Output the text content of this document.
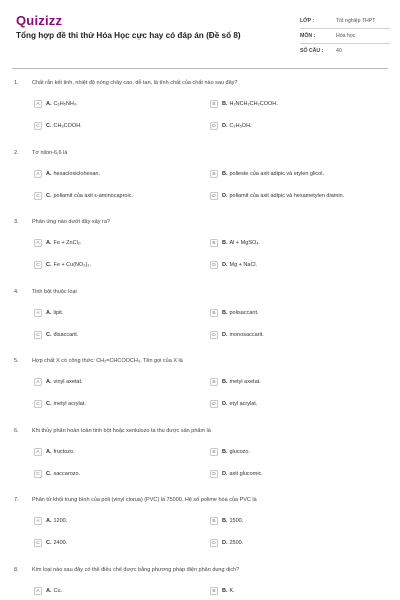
Quizizz
Tổng hợp đề thi thử Hóa Học cực hay có đáp án (Đề số 8)
LỚP :	Tốt nghiệp THPT
MÔN :	Hóa học
SỐ CÂU :	40
1.	Chất rắn kết tinh, nhiệt độ nóng chảy cao, dễ tan, là tính chất của chất nào sau đây?
A	A. C₆H₅NH₂.	B	B. H₂NCH₂CH₂COOH.
C	C. CH₃COOH.	D	D. C₂H₅OH.
2.	Tơ nilon-6,6 là
A	A. hexacloxiclohexan.	B	B. polieste của axit adipic và etylen glicol.
C	C. poliamit của axit ε-aminocaproic.	D	D. poliamit của axit adipic và hexametylen diamin.
3.	Phản ứng nào dưới đây xảy ra?
A	A. Fe + ZnCl₂.	B	B. Al + MgSO₄.
C	C. Fe + Cu(NO₃)₂.	D	D. Mg + NaCl.
4.	Tinh bột thuộc loại
A	A. lipit.	B	B. polisaccarit.
C	C. đisaccarit.	D	D. monosaccarit.
5.	Hợp chất X có công thức: CH₂=CHCOOCH₃. Tên gọi của X là
A	A. vinyl axetat.	B	B. metyl axetat.
C	C. metyl acrylat.	D	D. etyl acrylat.
6.	Khi thủy phân hoàn toàn tinh bột hoặc xenlulozo ta thu được sản phẩm là
A	A. fructozo.	B	B. glucozo.
C	C. saccarozo.	D	D. axit glucomic.
7.	Phân tử khối trung bình của poli (vinyl clorua) (PVC) là 75000. Hệ số polime hóa của PVC là
A	A. 1200.	B	B. 1500.
C	C. 2400.	D	D. 2500.
8.	Kim loại nào sau đây có thể điều chế được bằng phương pháp điện phân dung dịch?
A	A. Cu.	B	B. K.
